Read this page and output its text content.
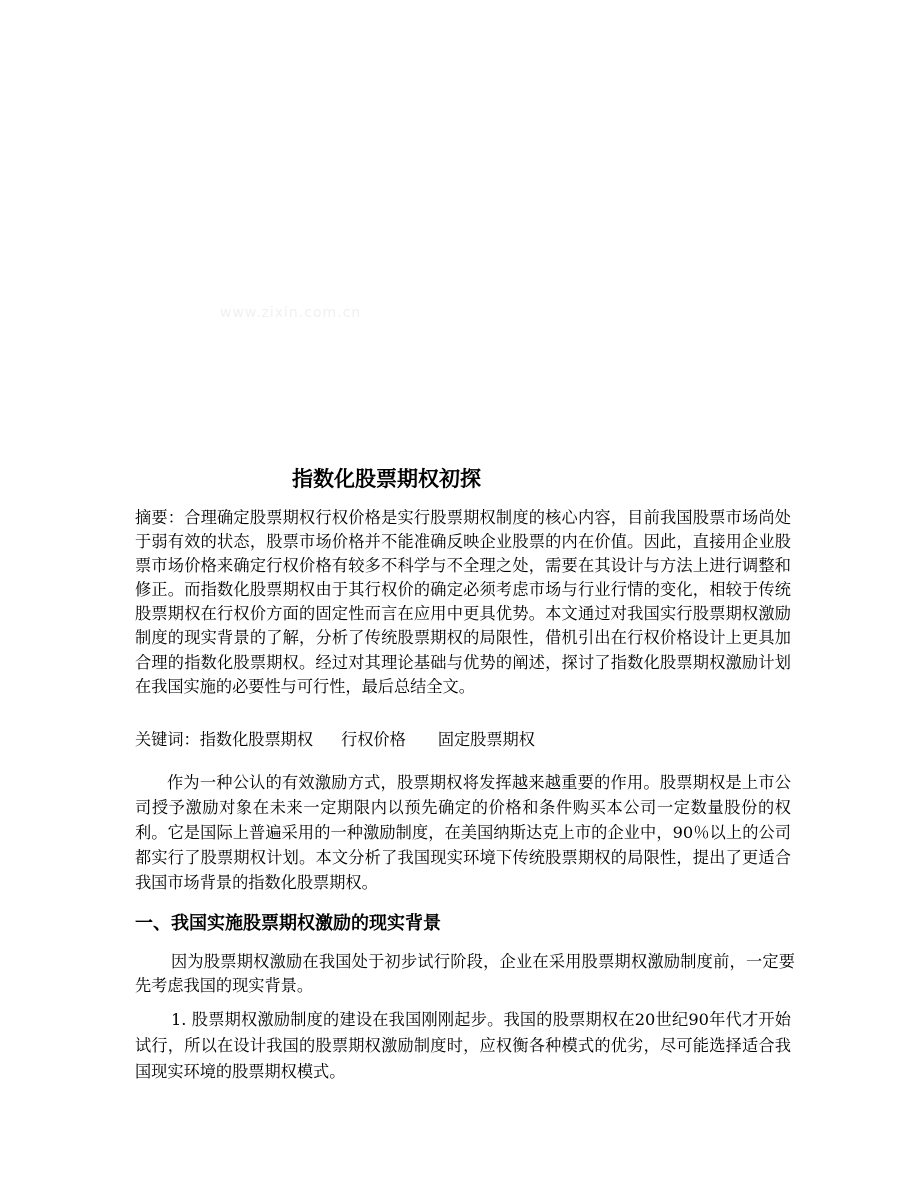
www.zixin.com.cn
指数化股票期权初探
摘要：合理确定股票期权行权价格是实行股票期权制度的核心内容，目前我国股票市场尚处于弱有效的状态，股票市场价格并不能准确反映企业股票的内在价值。因此，直接用企业股票市场价格来确定行权价格有较多不科学与不全理之处，需要在其设计与方法上进行调整和修正。而指数化股票期权由于其行权价的确定必须考虑市场与行业行情的变化，相较于传统股票期权在行权价方面的固定性而言在应用中更具优势。本文通过对我国实行股票期权激励制度的现实背景的了解，分析了传统股票期权的局限性，借机引出在行权价格设计上更具加合理的指数化股票期权。经过对其理论基础与优势的阐述，探讨了指数化股票期权激励计划在我国实施的必要性与可行性，最后总结全文。
关键词：指数化股票期权 行权价格 固定股票期权
作为一种公认的有效激励方式，股票期权将发挥越来越重要的作用。股票期权是上市公司授予激励对象在未来一定期限内以预先确定的价格和条件购买本公司一定数量股份的权利。它是国际上普遍采用的一种激励制度，在美国纳斯达克上市的企业中，90％以上的公司都实行了股票期权计划。本文分析了我国现实环境下传统股票期权的局限性，提出了更适合我国市场背景的指数化股票期权。
一、我国实施股票期权激励的现实背景
因为股票期权激励在我国处于初步试行阶段，企业在采用股票期权激励制度前，一定要先考虑我国的现实背景。
1. 股票期权激励制度的建设在我国刚刚起步。我国的股票期权在20世纪90年代才开始试行，所以在设计我国的股票期权激励制度时，应权衡各种模式的优劣，尽可能选择适合我国现实环境的股票期权模式。
